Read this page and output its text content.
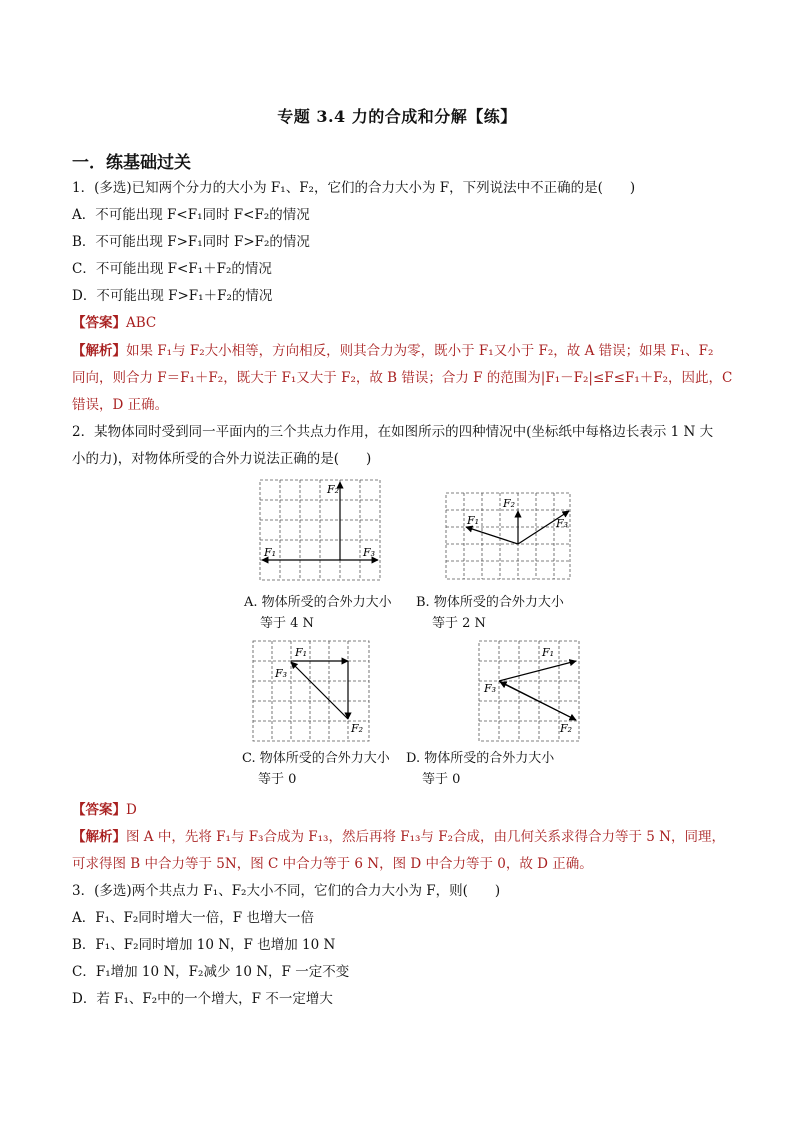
专题 3.4 力的合成和分解【练】
一．练基础过关
1．(多选)已知两个分力的大小为 F₁、F₂，它们的合力大小为 F，下列说法中不正确的是(　　)
A．不可能出现 F<F₁同时 F<F₂的情况
B．不可能出现 F>F₁同时 F>F₂的情况
C．不可能出现 F<F₁＋F₂的情况
D．不可能出现 F>F₁＋F₂的情况
【答案】ABC
【解析】如果 F₁与 F₂大小相等，方向相反，则其合力为零，既小于 F₁又小于 F₂，故 A 错误；如果 F₁、F₂
同向，则合力 F＝F₁＋F₂，既大于 F₁又大于 F₂，故 B 错误；合力 F 的范围为|F₁－F₂|≤F≤F₁＋F₂，因此，C
错误，D 正确。
2．某物体同时受到同一平面内的三个共点力作用，在如图所示的四种情况中(坐标纸中每格边长表示 1 N 大
小的力)，对物体所受的合外力说法正确的是(　　)
F₁	F₃
F₂
F₁
F₂
F₃
A. 物体所受的合外力大小
等于 4 N
B. 物体所受的合外力大小
等于 2 N
F₁
F₃
F₂
F₁
F₃
F₂
C. 物体所受的合外力大小
等于 0
D. 物体所受的合外力大小
等于 0
【答案】D
【解析】图 A 中，先将 F₁与 F₃合成为 F₁₃，然后再将 F₁₃与 F₂合成，由几何关系求得合力等于 5 N，同理，
可求得图 B 中合力等于 5N，图 C 中合力等于 6 N，图 D 中合力等于 0，故 D 正确。
3．(多选)两个共点力 F₁、F₂大小不同，它们的合力大小为 F，则(　　)
A．F₁、F₂同时增大一倍，F 也增大一倍
B．F₁、F₂同时增加 10 N，F 也增加 10 N
C．F₁增加 10 N，F₂减少 10 N，F 一定不变
D．若 F₁、F₂中的一个增大，F 不一定增大
